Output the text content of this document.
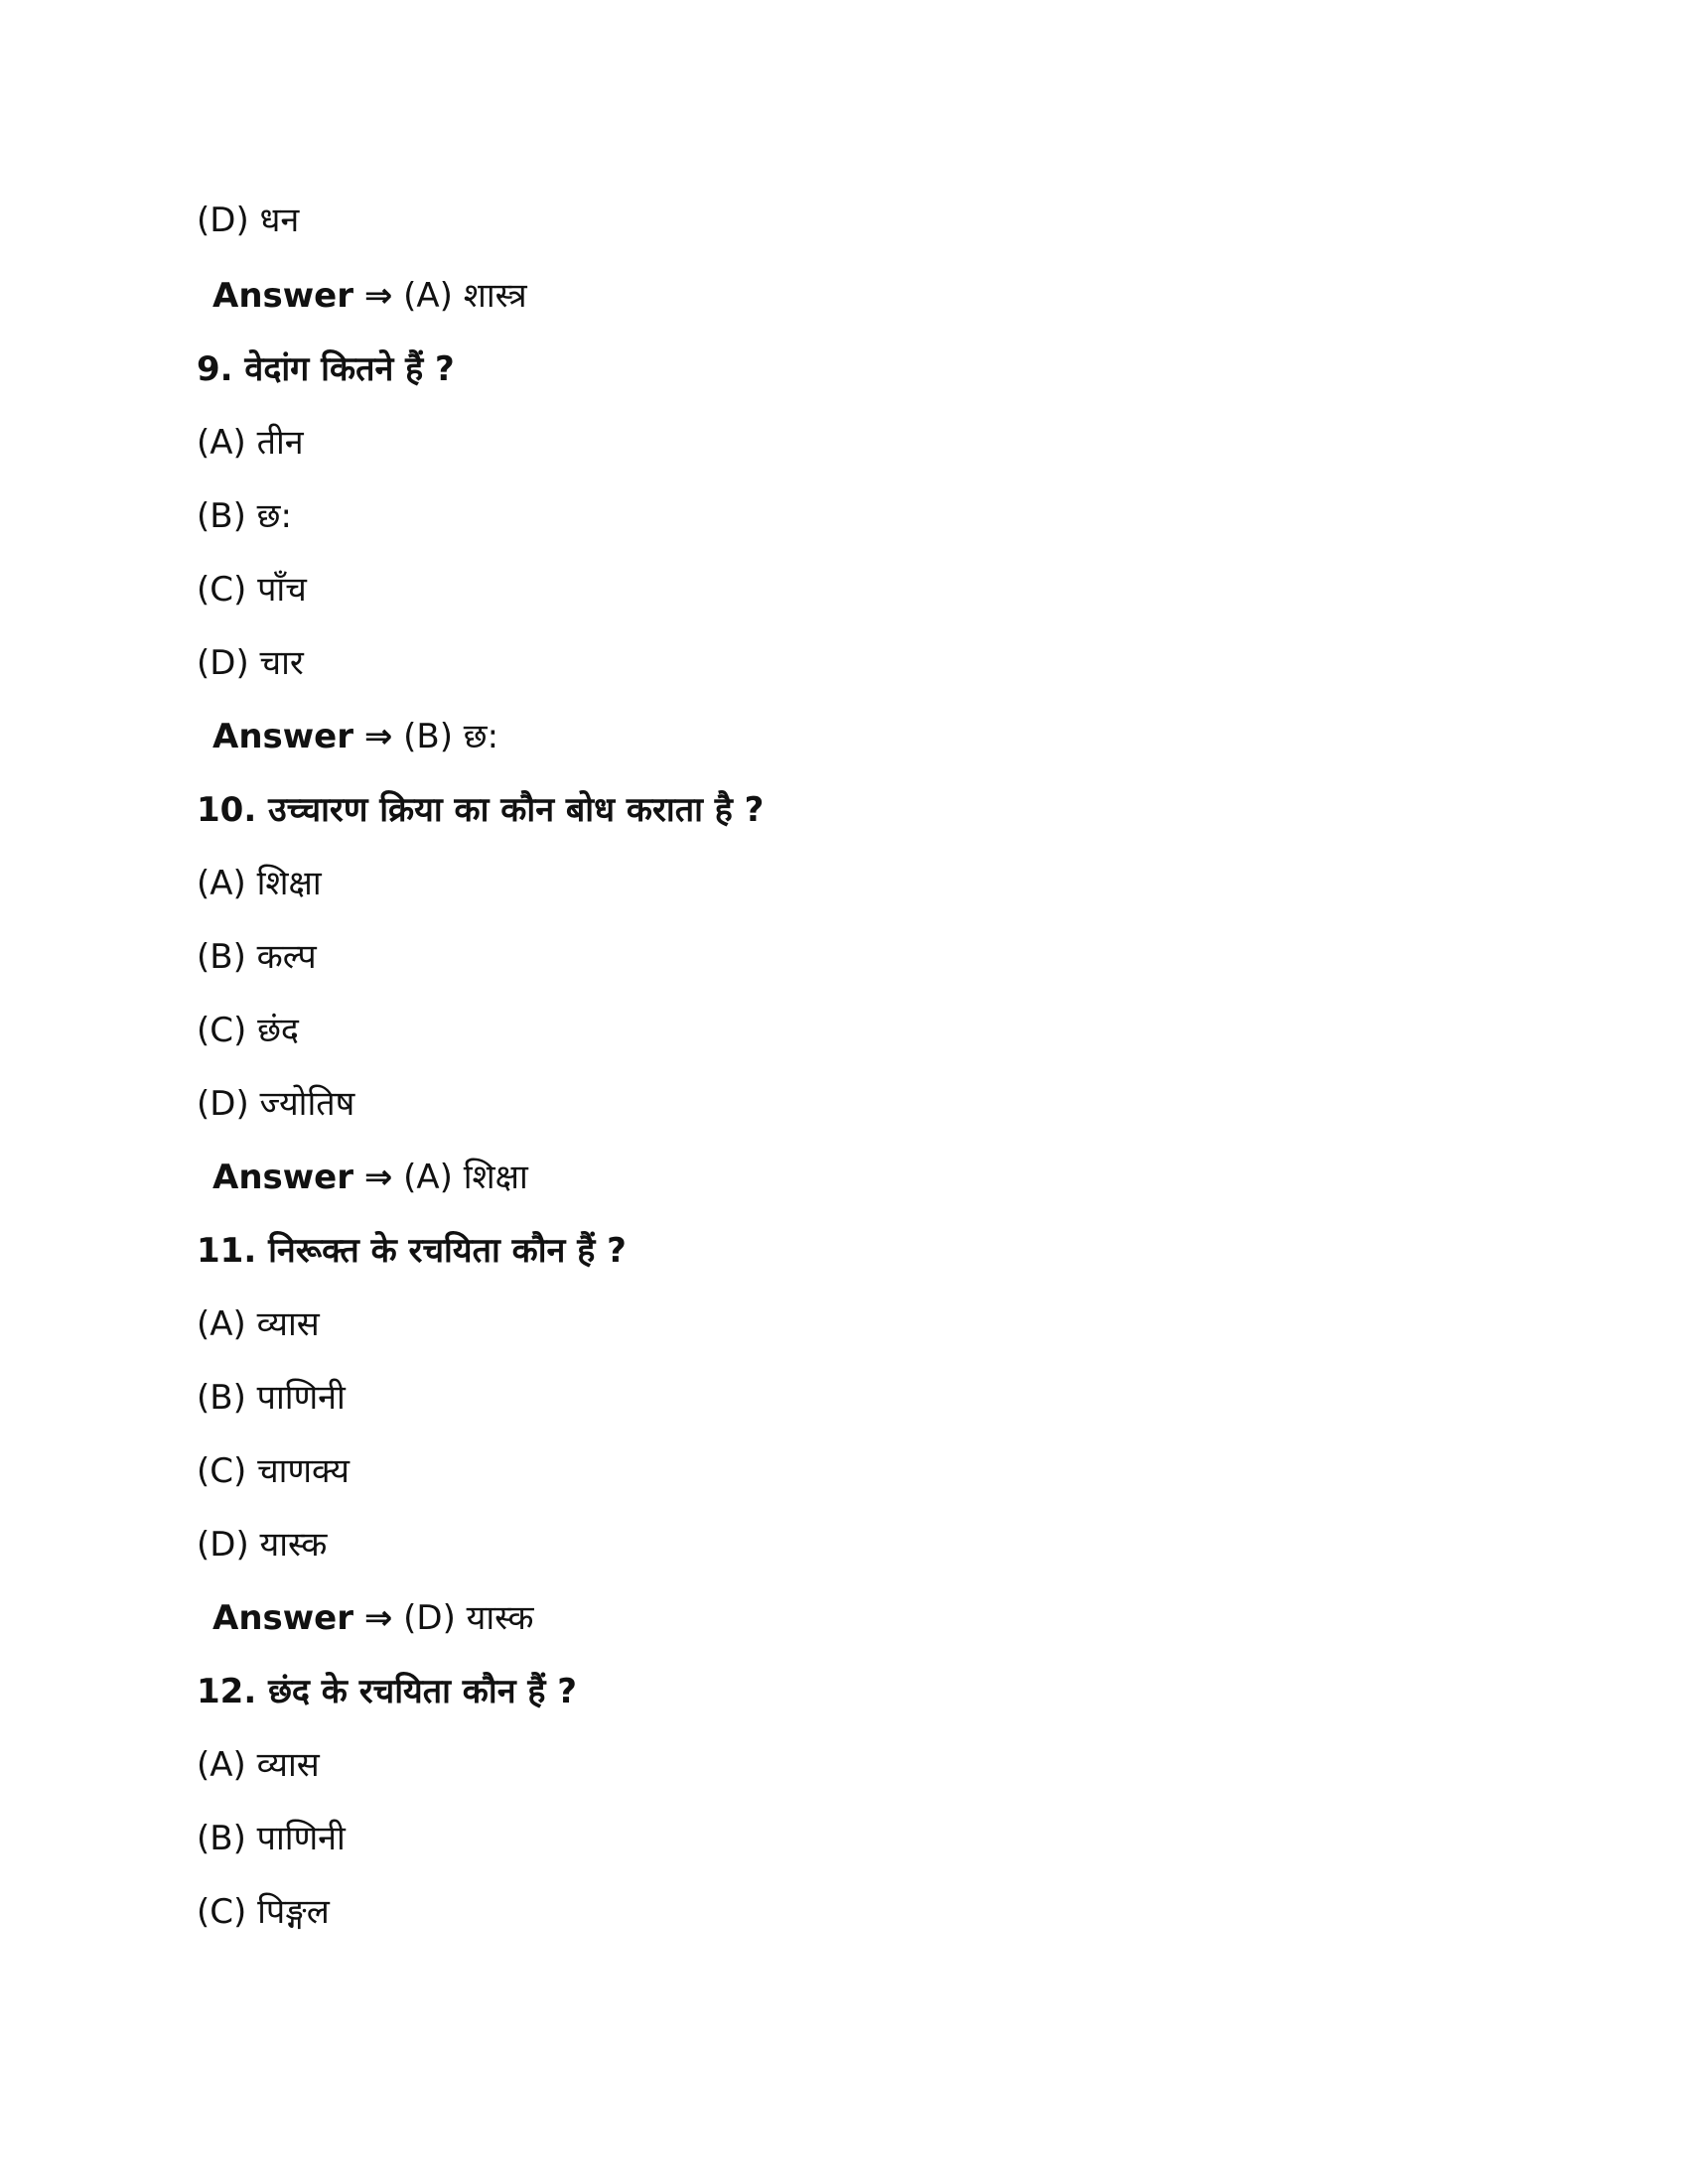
(D) धन
Answer ⇒ (A) शास्त्र
9. वेदांग कितने हैं ?
(A) तीन
(B) छ:
(C) पाँच
(D) चार
Answer ⇒ (B) छ:
10. उच्चारण क्रिया का कौन बोध कराता है ?
(A) शिक्षा
(B) कल्प
(C) छंद
(D) ज्योतिष
Answer ⇒ (A) शिक्षा
11. निरूक्त के रचयिता कौन हैं ?
(A) व्यास
(B) पाणिनी
(C) चाणक्य
(D) यास्क
Answer ⇒ (D) यास्क
12. छंद के रचयिता कौन हैं ?
(A) व्यास
(B) पाणिनी
(C) पिङ्गल
